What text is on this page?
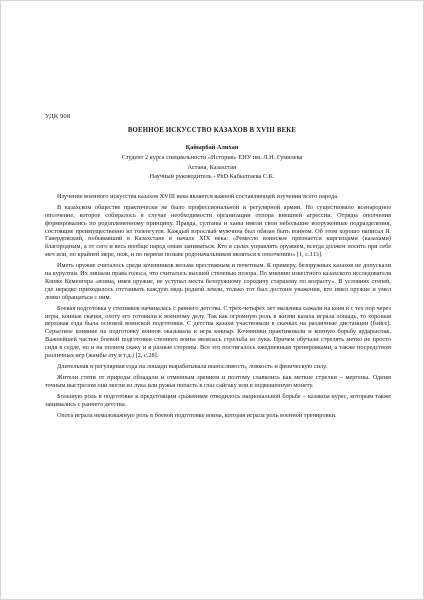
УДК 908
ВОЕННОЕ ИСКУССТВО КАЗАХОВ В XVIII ВЕКЕ
Қайырбай Алихан
Студент 2 курса специальности «История» ЕНУ им. Л.Н. Гумилева
Астана, Казахстан
Научный руководитель - PhD Кабылтаева С.К.

Изучение военного искусства казахов XVIII века является важной составляющей изучении всего народа.

В казахском обществе практически не было профессиональной и регулярной армии. Но существовало всенародное ополчение, которое собиралось в случае необходимости организации отпора внешней агрессии. Отряды ополчения формировались по родоплеменному принципу. Правда, султаны и ханы имели свои небольшие вооруженные подразделения, состоящие преимущественно из толенгутов. Каждый взрослый мужчина был обязан быть воином. Об этом хорошо написал Я. Гавердовский, побывавший в Казахстане в начале XIX века: «Ремесло воинское признается киргизцами (казахами) благородным, а от сего и весь вообще народ оным заниматься. Кто в силах управлять оружием, всегда должен носить при себе меч или, по крайней мере, нож, и по первом позыве родоначальников являться к ополчению» [1, с.113].

Иметь оружие считалось среди кочевников весьма престижным и почетным. К примеру, безоружных казахов не допускали на курултаи. Их лишали права голоса, что считалось высшей степенью позора. По мнению известного казахского исследователя Кошке Кеменгера «воина, имея оружие, не уступал места безоружному сородичу старшему по возрасту». В условиях степей, где нередко приходилось отстаивать каждую пядь родной земли, только тот был достоин уважения, кто имел оружие и умел ловко обращаться с ним.

Боевая подготовка у степняков начиналась с раннего детства. С трех-четырех лет мальчика сажали на коня и с тех пор через игры, конные скачки, охоту его готовили к военному делу. Так как огромную роль в жизни казаха играла лошадь, то хорошая верховая езда была основой воинской подготовки. С детства казахи участвовали в скачках на различные дистанции (бәйге). Серьезное влияние на подготовку воинов оказывала и игра көкпар. Кочевники практиковали и конную борьбу аударыспак. Важнейшей частью боевой подготовки степного воина являлась стрельба из лука. Причем обучали стрелять метко не просто сидя в седле, но и на полном скаку и в разные стороны. Все это постигалось ежедневным тренировками, а также посредством различных игр (жамбы ату и т.д.) [2, с.28].

Длительная и регулярная езда на лошади вырабатывала выносливость, ловкость и физическую силу.

Жители степи от природы обладали и отменным зрением и поэтому славились как меткие стрелки – мергены. Одним точным выстрелом они могли из лука или ружья попасть в глаз сайгаку или в подвешенную монету.

Большую роль в подготовке к предстоящим сражениям отводилось национальной борьбе – казакша курес, которым также занимались с раннего детства.

Охота играла немаловажную роль в боевой подготовке воина, которая играла роль военной тренировки.
